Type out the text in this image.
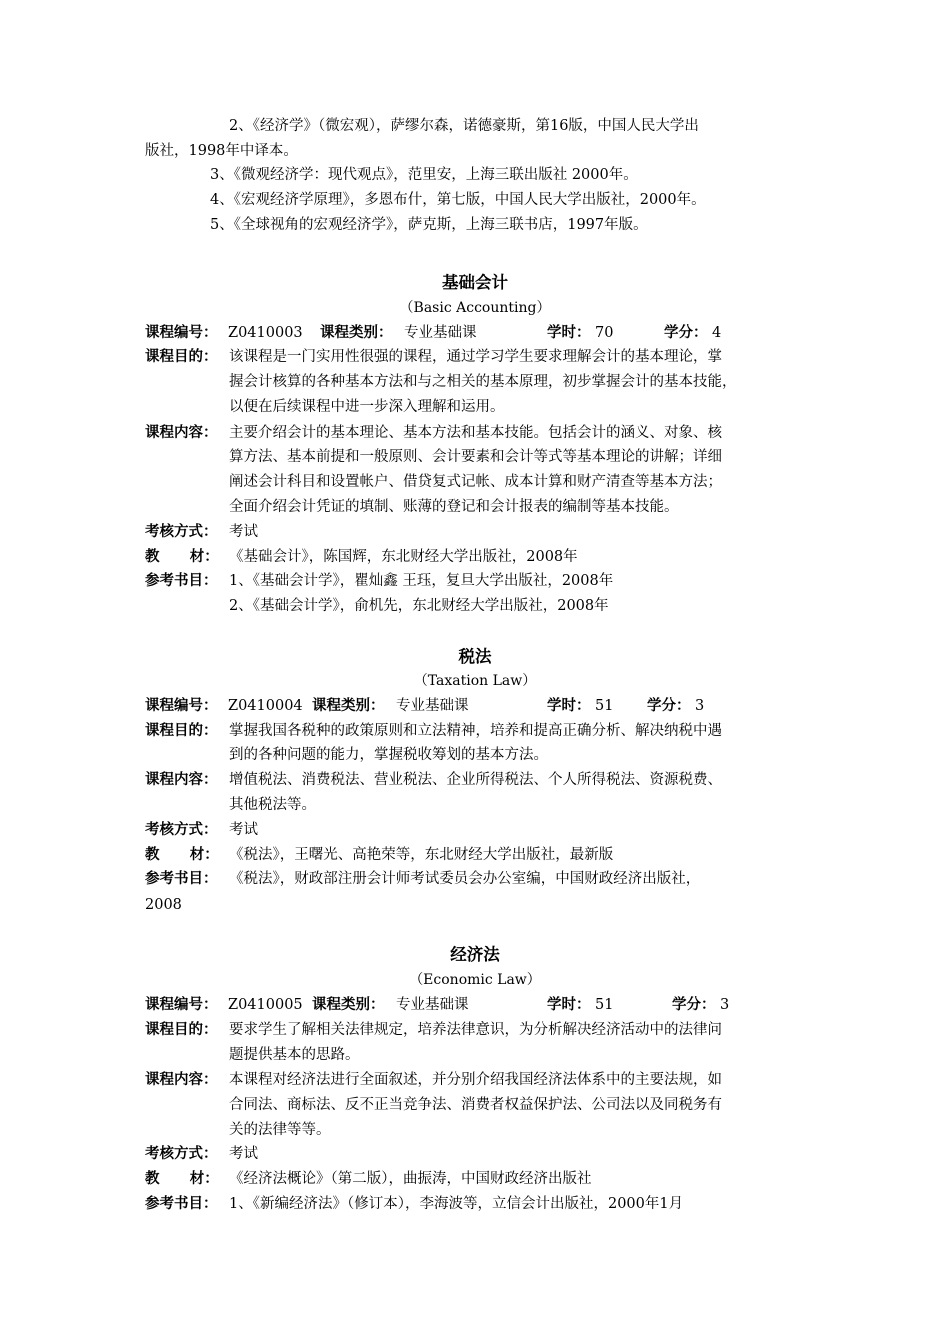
2、《经济学》（微宏观），萨缪尔森，诺德豪斯，第16版，中国人民大学出
版社，1998年中译本。
3、《微观经济学：现代观点》，范里安，上海三联出版社 2000年。
4、《宏观经济学原理》，多恩布什，第七版，中国人民大学出版社，2000年。
5、《全球视角的宏观经济学》，萨克斯，上海三联书店，1997年版。
基础会计
（Basic Accounting）
课程编号： Z0410003 课程类别： 专业基础课	学时： 70	学分： 4
课程目的： 该课程是一门实用性很强的课程，通过学习学生要求理解会计的基本理论，掌
握会计核算的各种基本方法和与之相关的基本原理，初步掌握会计的基本技能，
以便在后续课程中进一步深入理解和运用。
课程内容： 主要介绍会计的基本理论、基本方法和基本技能。包括会计的涵义、对象、核
算方法、基本前提和一般原则、会计要素和会计等式等基本理论的讲解；详细
阐述会计科目和设置帐户、借贷复式记帐、成本计算和财产清查等基本方法；
全面介绍会计凭证的填制、账薄的登记和会计报表的编制等基本技能。
考核方式： 考试
教      材： 《基础会计》，陈国辉，东北财经大学出版社，2008年
参考书目： 1、《基础会计学》，瞿灿鑫 王珏，复旦大学出版社，2008年
2、《基础会计学》，俞机先，东北财经大学出版社，2008年
税法
（Taxation Law）
课程编号： Z0410004 课程类别： 专业基础课	学时： 51 学分： 3
课程目的： 掌握我国各税种的政策原则和立法精神，培养和提高正确分析、解决纳税中遇
到的各种问题的能力，掌握税收筹划的基本方法。
课程内容： 增值税法、消费税法、营业税法、企业所得税法、个人所得税法、资源税费、
其他税法等。
考核方式： 考试
教      材： 《税法》，王曙光、高艳荣等，东北财经大学出版社，最新版
参考书目： 《税法》，财政部注册会计师考试委员会办公室编，中国财政经济出版社，
2008
经济法
（Economic Law）
课程编号： Z0410005 课程类别： 专业基础课	学时： 51	学分： 3
课程目的： 要求学生了解相关法律规定，培养法律意识，为分析解决经济活动中的法律问
题提供基本的思路。
课程内容： 本课程对经济法进行全面叙述，并分别介绍我国经济法体系中的主要法规，如
合同法、商标法、反不正当竞争法、消费者权益保护法、公司法以及同税务有
关的法律等等。
考核方式： 考试
教      材： 《经济法概论》（第二版），曲振涛，中国财政经济出版社
参考书目： 1、《新编经济法》（修订本），李海波等，立信会计出版社，2000年1月
